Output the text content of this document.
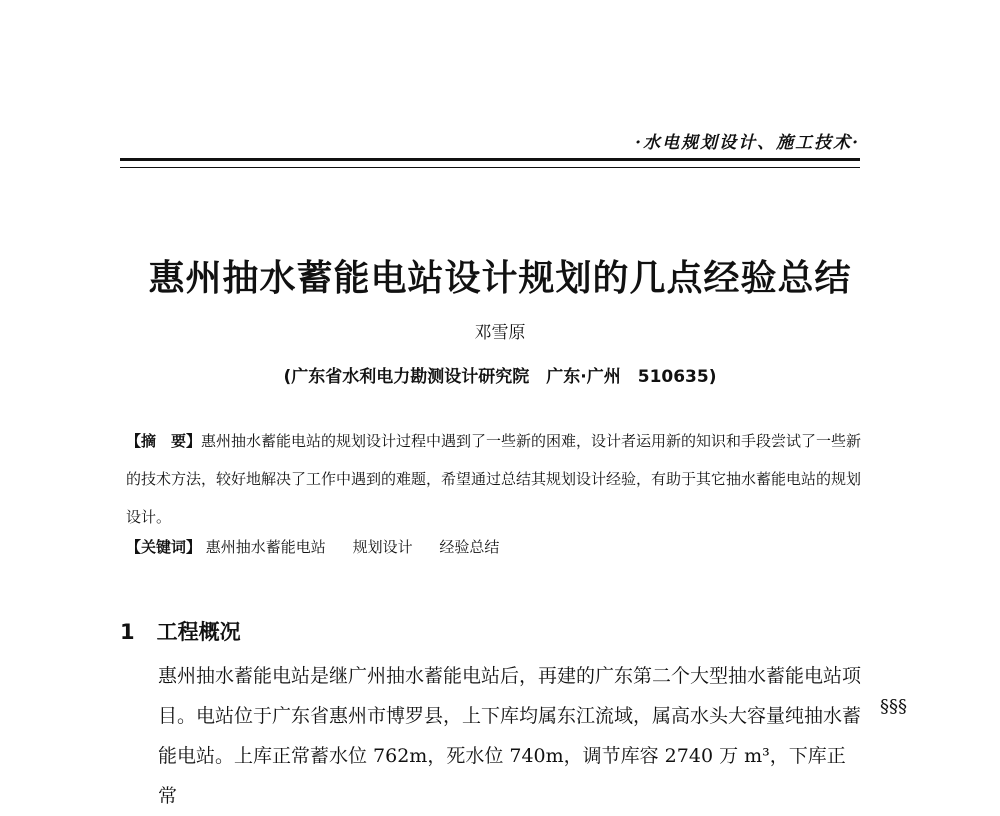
·水电规划设计、施工技术·
惠州抽水蓄能电站设计规划的几点经验总结
邓雪原
(广东省水利电力勘测设计研究院　广东·广州　510635)
【摘　要】惠州抽水蓄能电站的规划设计过程中遇到了一些新的困难，设计者运用新的知识和手段尝试了一些新的技术方法，较好地解决了工作中遇到的难题，希望通过总结其规划设计经验，有助于其它抽水蓄能电站的规划设计。
【关键词】 惠州抽水蓄能电站 规划设计 经验总结
1 工程概况
惠州抽水蓄能电站是继广州抽水蓄能电站后，再建的广东第二个大型抽水蓄能电站项目。电站位于广东省惠州市博罗县，上下库均属东江流域，属高水头大容量纯抽水蓄能电站。上库正常蓄水位 762m，死水位 740m，调节库容 2740 万 m³，下库正常
§§§
